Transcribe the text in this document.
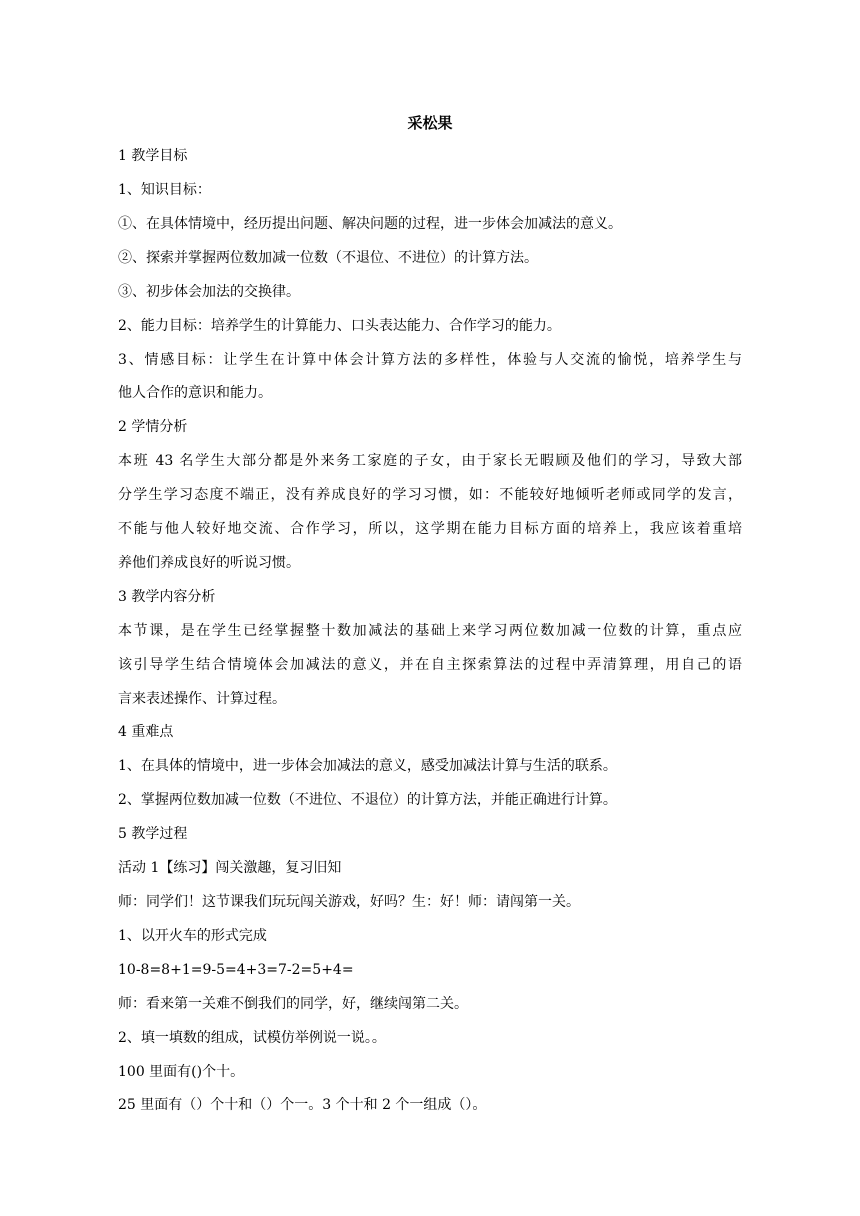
采松果
1 教学目标
1、知识目标：
①、在具体情境中，经历提出问题、解决问题的过程，进一步体会加减法的意义。
②、探索并掌握两位数加减一位数（不退位、不进位）的计算方法。
③、初步体会加法的交换律。
2、能力目标：培养学生的计算能力、口头表达能力、合作学习的能力。
3、情感目标：让学生在计算中体会计算方法的多样性，体验与人交流的愉悦，培养学生与
他人合作的意识和能力。
2 学情分析
本班 43 名学生大部分都是外来务工家庭的子女，由于家长无暇顾及他们的学习，导致大部
分学生学习态度不端正，没有养成良好的学习习惯，如：不能较好地倾听老师或同学的发言，
不能与他人较好地交流、合作学习，所以，这学期在能力目标方面的培养上，我应该着重培
养他们养成良好的听说习惯。
3 教学内容分析
本节课，是在学生已经掌握整十数加减法的基础上来学习两位数加减一位数的计算，重点应
该引导学生结合情境体会加减法的意义，并在自主探索算法的过程中弄清算理，用自己的语
言来表述操作、计算过程。
4 重难点
1、在具体的情境中，进一步体会加减法的意义，感受加减法计算与生活的联系。
2、掌握两位数加减一位数（不进位、不退位）的计算方法，并能正确进行计算。
5 教学过程
活动 1【练习】闯关激趣，复习旧知
师：同学们！这节课我们玩玩闯关游戏，好吗？生：好！师：请闯第一关。
1、以开火车的形式完成
10-8=8+1=9-5=4+3=7-2=5+4=
师：看来第一关难不倒我们的同学，好，继续闯第二关。
2、填一填数的组成，试模仿举例说一说。。
100 里面有()个十。
25 里面有（）个十和（）个一。3 个十和 2 个一组成（）。
